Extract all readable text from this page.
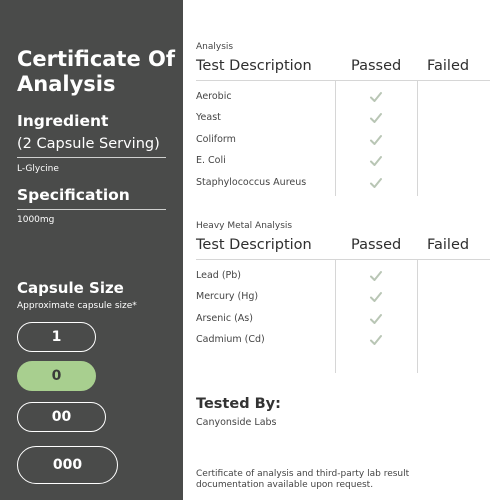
Certificate Of Analysis
Ingredient
(2 Capsule Serving)
L-Glycine
Specification
1000mg
Capsule Size
Approximate capsule size*
1
0
00
000
Analysis
Test Description	Passed Failed
Aerobic
Yeast
Coliform
E. Coli
Staphylococcus Aureus
Heavy Metal Analysis
Test Description	Passed Failed
Lead (Pb)
Mercury (Hg)
Arsenic (As)
Cadmium (Cd)
Tested By:
Canyonside Labs
Certificate of analysis and third-party lab result documentation available upon request.
